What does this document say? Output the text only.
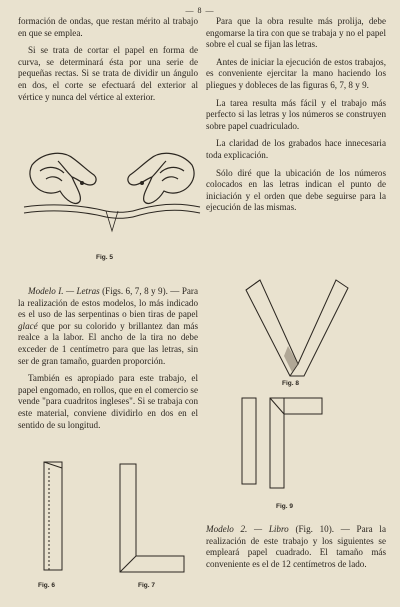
— 8 —

formación de ondas, que restan mérito al trabajo en que se emplea.

Si se trata de cortar el papel en forma de curva, se determinará ésta por una serie de pequeñas rectas. Si se trata de dividir un ángulo en dos, el corte se efectuará del exterior al vértice y nunca del vértice al exterior.

Fig. 5

Modelo I. — Letras (Figs. 6, 7, 8 y 9). — Para la realización de estos modelos, lo más indicado es el uso de las serpentinas o bien tiras de papel glacé que por su colorido y brillantez dan más realce a la labor. El ancho de la tira no debe exceder de 1 centímetro para que las letras, sin ser de gran tamaño, guarden proporción.

También es apropiado para este trabajo, el papel engomado, en rollos, que en el comercio se vende "para cuadritos ingleses". Si se trabaja con este material, conviene dividirlo en dos en el sentido de su longitud.

Fig. 6	Fig. 7

Para que la obra resulte más prolija, debe engomarse la tira con que se trabaja y no el papel sobre el cual se fijan las letras.

Antes de iniciar la ejecución de estos trabajos, es conveniente ejercitar la mano haciendo los pliegues y dobleces de las figuras 6, 7, 8 y 9.

La tarea resulta más fácil y el trabajo más perfecto si las letras y los números se construyen sobre papel cuadriculado.

La claridad de los grabados hace innecesaria toda explicación.

Sólo diré que la ubicación de los números colocados en las letras indican el punto de iniciación y el orden que debe seguirse para la ejecución de las mismas.

Fig. 8
Fig. 9
Modelo 2. — Libro (Fig. 10). — Para la realización de este trabajo y los siguientes se empleará papel cuadrado. El tamaño más conveniente es el de 12 centímetros de lado.
